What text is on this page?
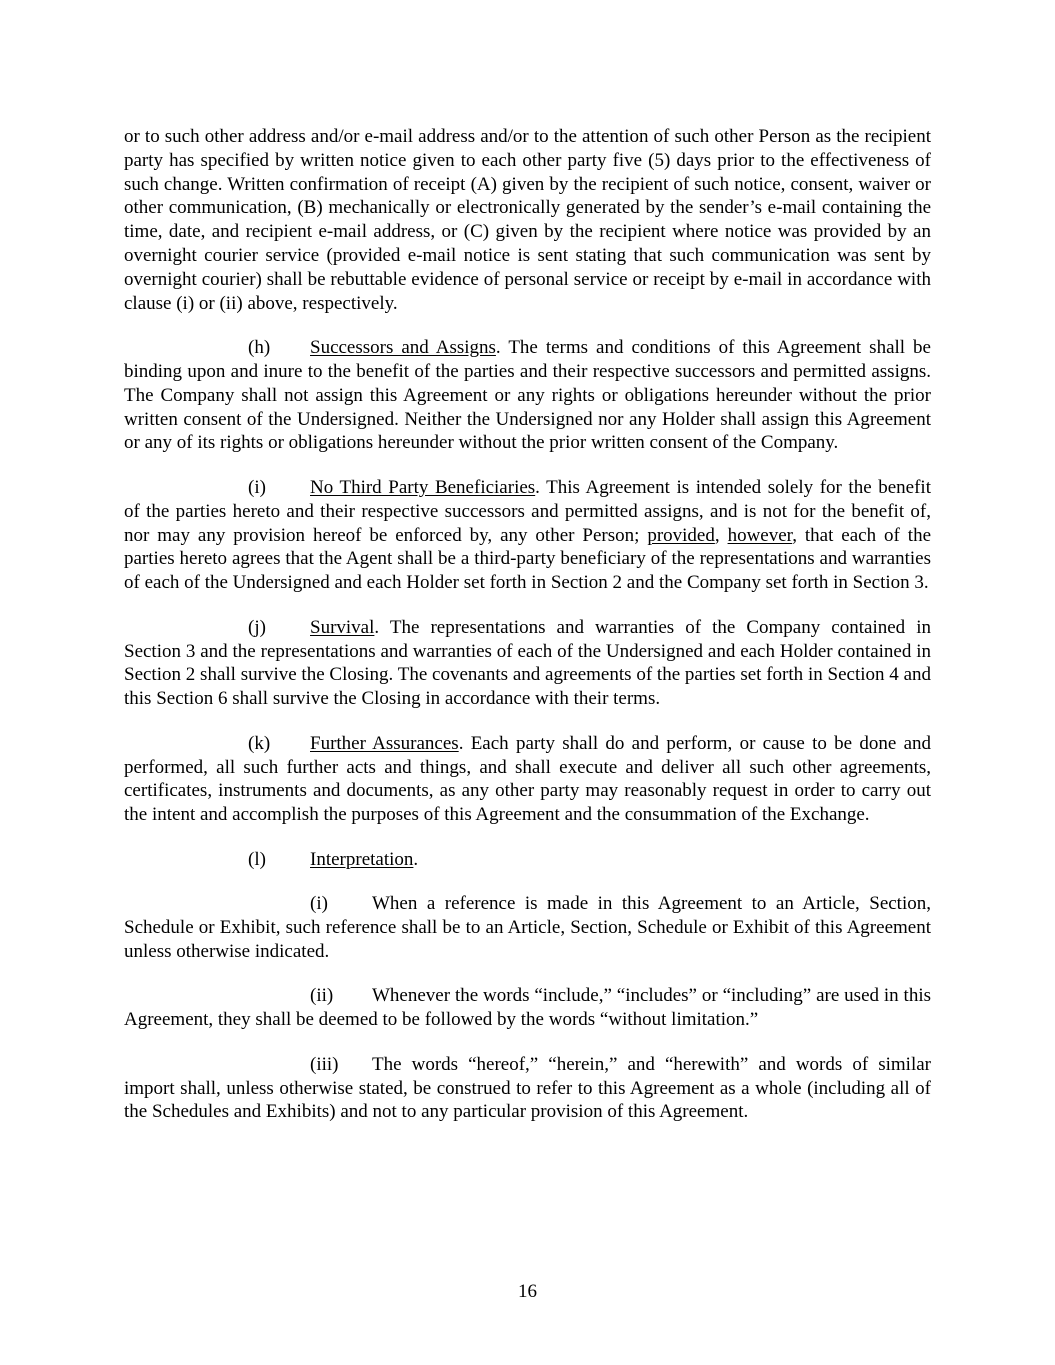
or to such other address and/or e-mail address and/or to the attention of such other Person as the recipient party has specified by written notice given to each other party five (5) days prior to the effectiveness of such change. Written confirmation of receipt (A) given by the recipient of such notice, consent, waiver or other communication, (B) mechanically or electronically generated by the sender’s e-mail containing the time, date, and recipient e-mail address, or (C) given by the recipient where notice was provided by an overnight courier service (provided e-mail notice is sent stating that such communication was sent by overnight courier) shall be rebuttable evidence of personal service or receipt by e-mail in accordance with clause (i) or (ii) above, respectively.

(h) Successors and Assigns. The terms and conditions of this Agreement shall be binding upon and inure to the benefit of the parties and their respective successors and permitted assigns. The Company shall not assign this Agreement or any rights or obligations hereunder without the prior written consent of the Undersigned. Neither the Undersigned nor any Holder shall assign this Agreement or any of its rights or obligations hereunder without the prior written consent of the Company.

(i) No Third Party Beneficiaries. This Agreement is intended solely for the benefit of the parties hereto and their respective successors and permitted assigns, and is not for the benefit of, nor may any provision hereof be enforced by, any other Person; provided, however, that each of the parties hereto agrees that the Agent shall be a third-party beneficiary of the representations and warranties of each of the Undersigned and each Holder set forth in Section 2 and the Company set forth in Section 3.

(j) Survival. The representations and warranties of the Company contained in Section 3 and the representations and warranties of each of the Undersigned and each Holder contained in Section 2 shall survive the Closing. The covenants and agreements of the parties set forth in Section 4 and this Section 6 shall survive the Closing in accordance with their terms.

(k) Further Assurances. Each party shall do and perform, or cause to be done and performed, all such further acts and things, and shall execute and deliver all such other agreements, certificates, instruments and documents, as any other party may reasonably request in order to carry out the intent and accomplish the purposes of this Agreement and the consummation of the Exchange.

(l) Interpretation.

(i) When a reference is made in this Agreement to an Article, Section, Schedule or Exhibit, such reference shall be to an Article, Section, Schedule or Exhibit of this Agreement unless otherwise indicated.

(ii) Whenever the words “include,” “includes” or “including” are used in this Agreement, they shall be deemed to be followed by the words “without limitation.”

(iii) The words “hereof,” “herein,” and “herewith” and words of similar import shall, unless otherwise stated, be construed to refer to this Agreement as a whole (including all of the Schedules and Exhibits) and not to any particular provision of this Agreement.

16
